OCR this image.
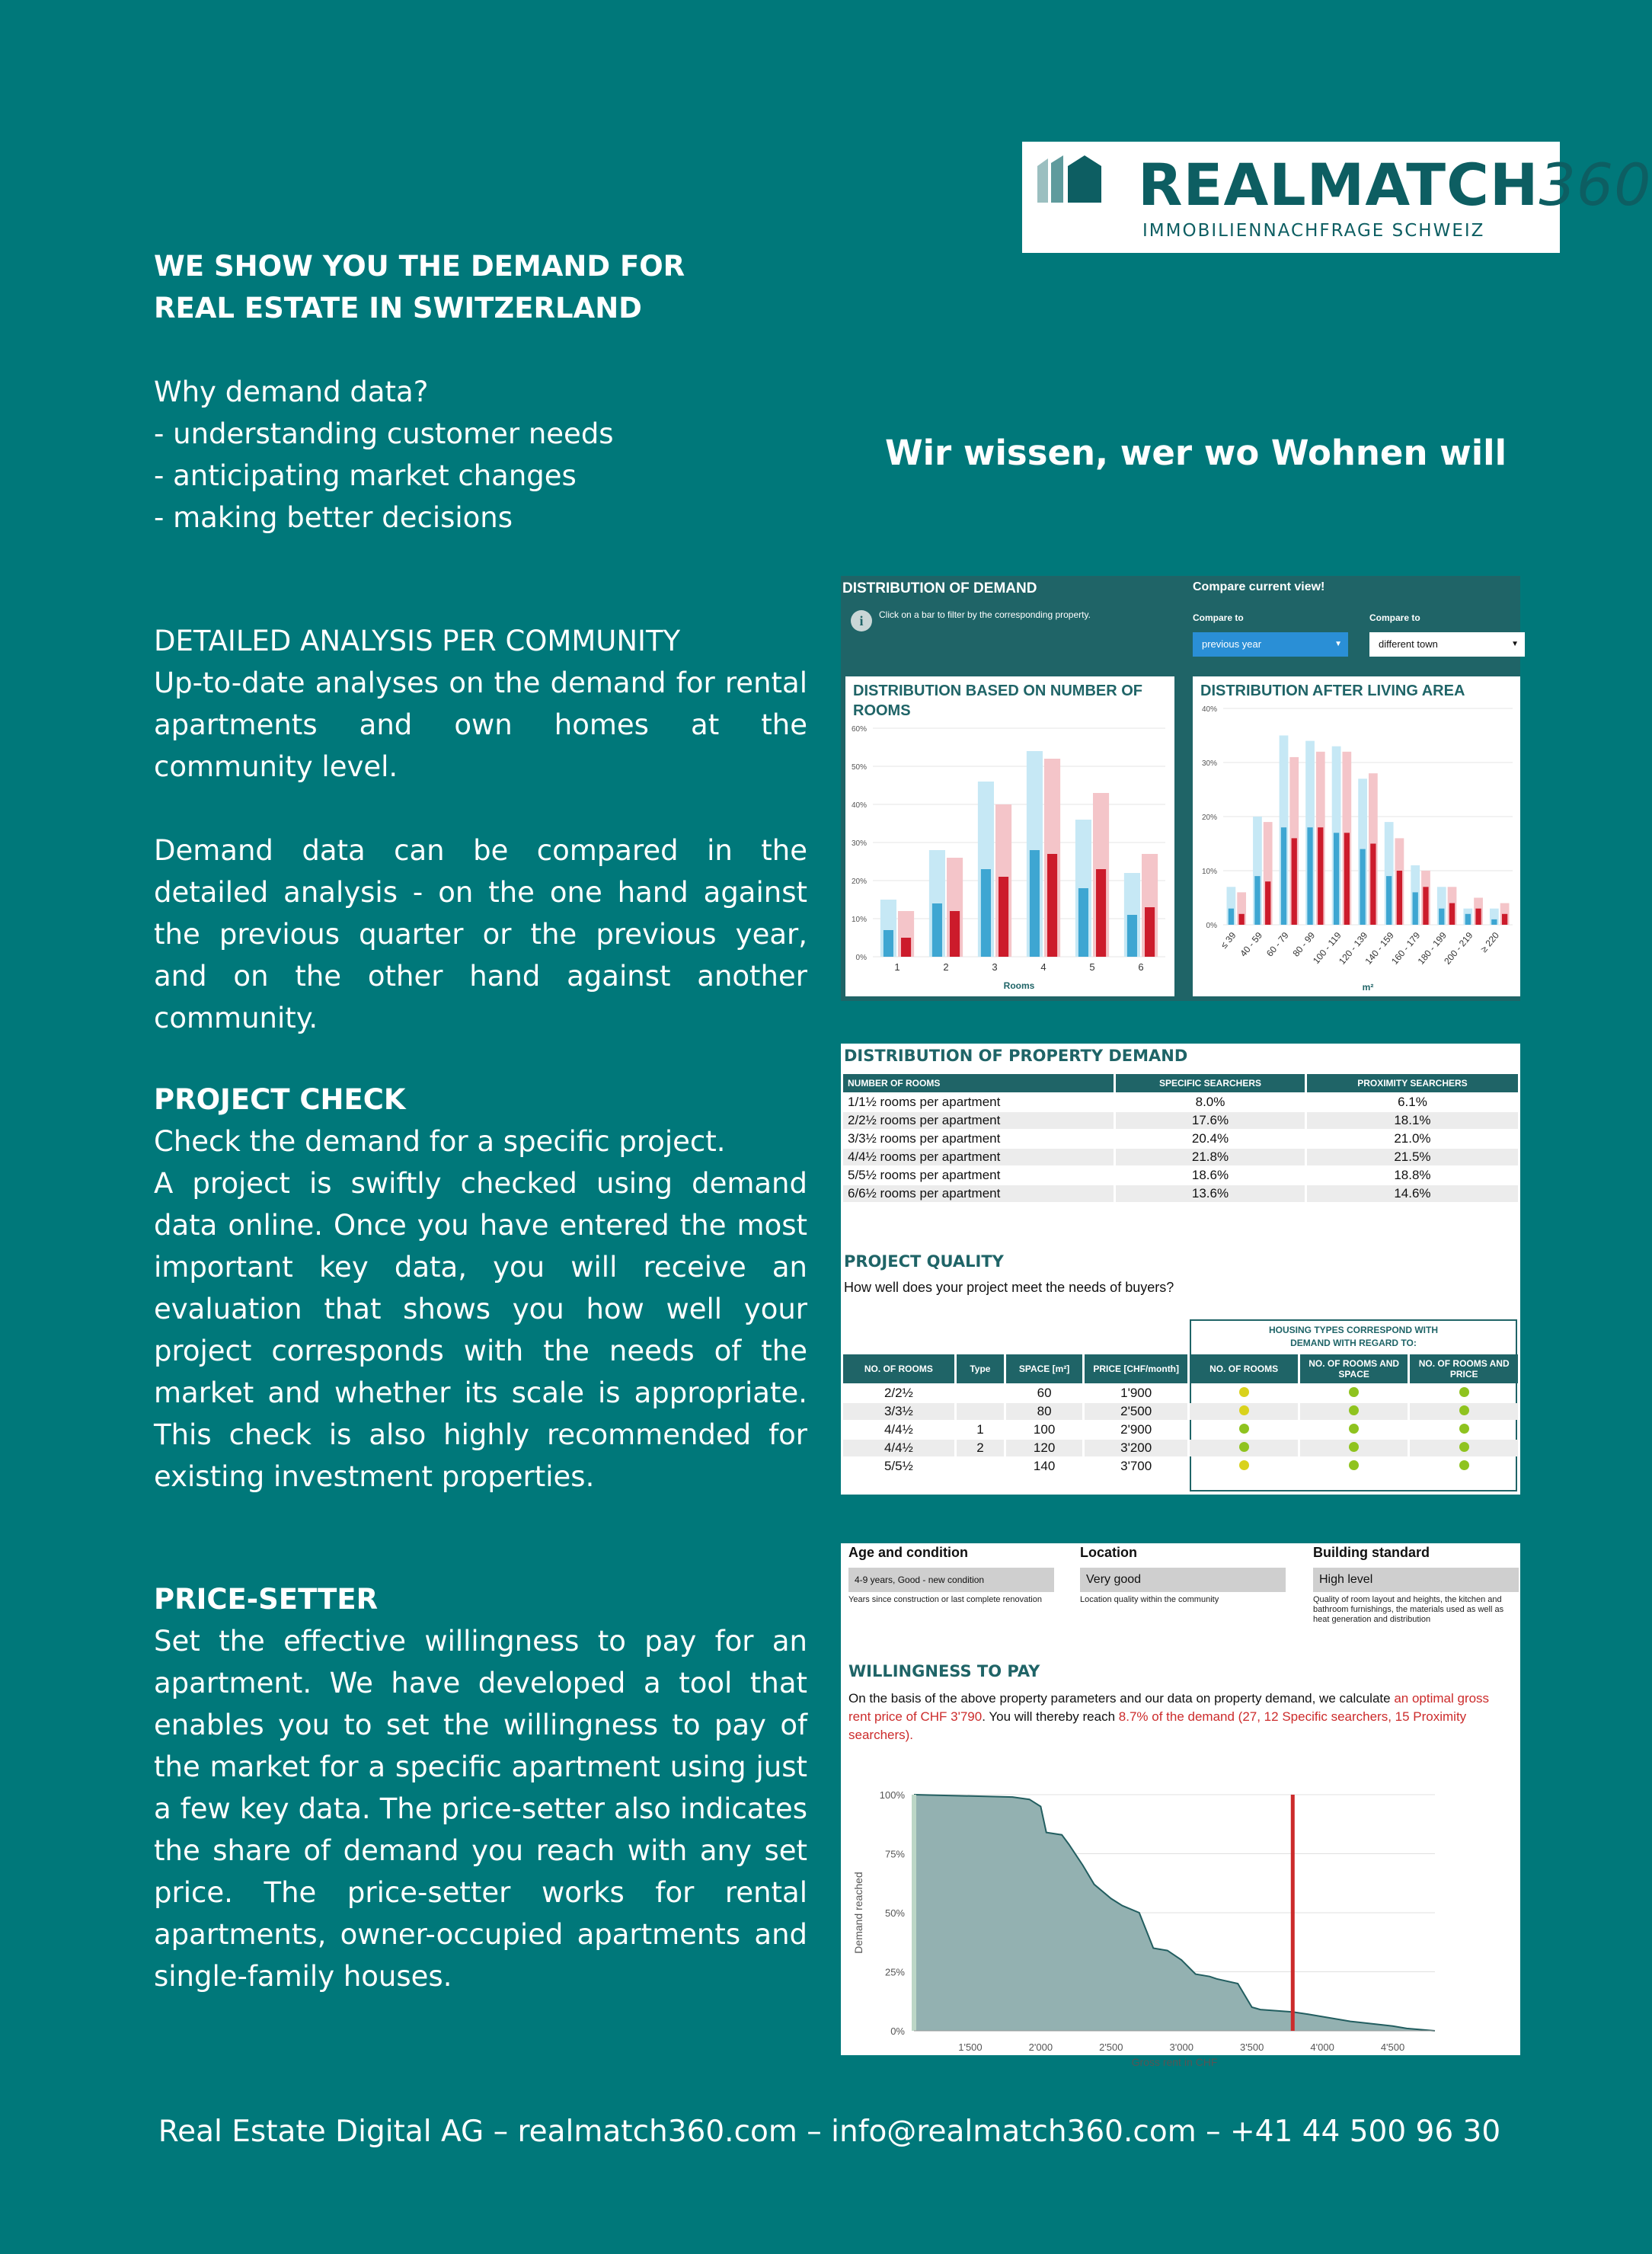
REALMATCH360
IMMOBILIENNACHFRAGE SCHWEIZ
WE SHOW YOU THE DEMAND FOR
REAL ESTATE IN SWITZERLAND

Why demand data?

- understanding customer needs

- anticipating market changes

- making better decisions

Wir wissen, wer wo Wohnen will

DETAILED ANALYSIS PER COMMUNITY

Up-to-date analyses on the demand for rental apartments and own homes at the community level.

Demand data can be compared in the detailed analysis - on the one hand against the previous quarter or the previous year, and on the other hand against another community.

PROJECT CHECK

Check the demand for a specific project.

A project is swiftly checked using demand data online. Once you have entered the most important key data, you will receive an evaluation that shows you how well your project corresponds with the needs of the market and whether its scale is appropriate. This check is also highly recommended for existing investment properties.

PRICE-SETTER

Set the effective willingness to pay for an apartment. We have developed a tool that enables you to set the willingness to pay of the market for a specific apartment using just a few key data. The price-setter also indicates the share of demand you reach with any set price. The price-setter works for rental apartments, owner-occupied apartments and single-family houses.

Real Estate Digital AG – realmatch360.com – info@realmatch360.com – +41 44 500 96 30
DISTRIBUTION OF DEMAND
i Click on a bar to filter by the corresponding property.
Compare current view!
Compare to	Compare to
previous year	▼	different town	▼
DISTRIBUTION BASED ON NUMBER OF ROOMS
0%
10%
20%
30%
40%
50%
60%
1	2	3	4	5	6
Rooms
DISTRIBUTION AFTER LIVING AREA
0%
10%
20%
30%
40%
≤ 39 40 - 59 60 - 79 80 - 99
100 - 119
120 - 139
140 - 159
160 - 179
180 - 199
200 - 219 ≥ 220
m²
DISTRIBUTION OF PROPERTY DEMAND
NUMBER OF ROOMS	SPECIFIC SEARCHERS	PROXIMITY SEARCHERS
1/1½ rooms per apartment	8.0%	6.1%
2/2½ rooms per apartment	17.6%	18.1%
3/3½ rooms per apartment	20.4%	21.0%
4/4½ rooms per apartment	21.8%	21.5%
5/5½ rooms per apartment	18.6%	18.8%
6/6½ rooms per apartment	13.6%	14.6%
PROJECT QUALITY
How well does your project meet the needs of buyers?
HOUSING TYPES CORRESPOND WITH
DEMAND WITH REGARD TO:
NO. OF ROOMS	Type	SPACE [m²]	PRICE [CHF/month]	NO. OF ROOMS	NO. OF ROOMS AND SPACE	NO. OF ROOMS AND PRICE
2/2½		60	1'900			
3/3½		80	2'500			
4/4½	1	100	2'900			
4/4½	2	120	3'200			
5/5½		140	3'700			
Age and condition
4-9 years, Good - new condition
Years since construction or last complete renovation
Location
Very good
Location quality within the community
Building standard
High level
Quality of room layout and heights, the kitchen and bathroom furnishings, the materials used as well as heat generation and distribution
WILLINGNESS TO PAY
On the basis of the above property parameters and our data on property demand, we calculate an optimal gross rent price of CHF 3'790. You will thereby reach 8.7% of the demand (27, 12 Specific searchers, 15 Proximity searchers).
0%
25%
50%
75%
100%
1'500	2'000	2'500	3'000	3'500	4'000	4'500
Gross rent in CHF
Demand reached
